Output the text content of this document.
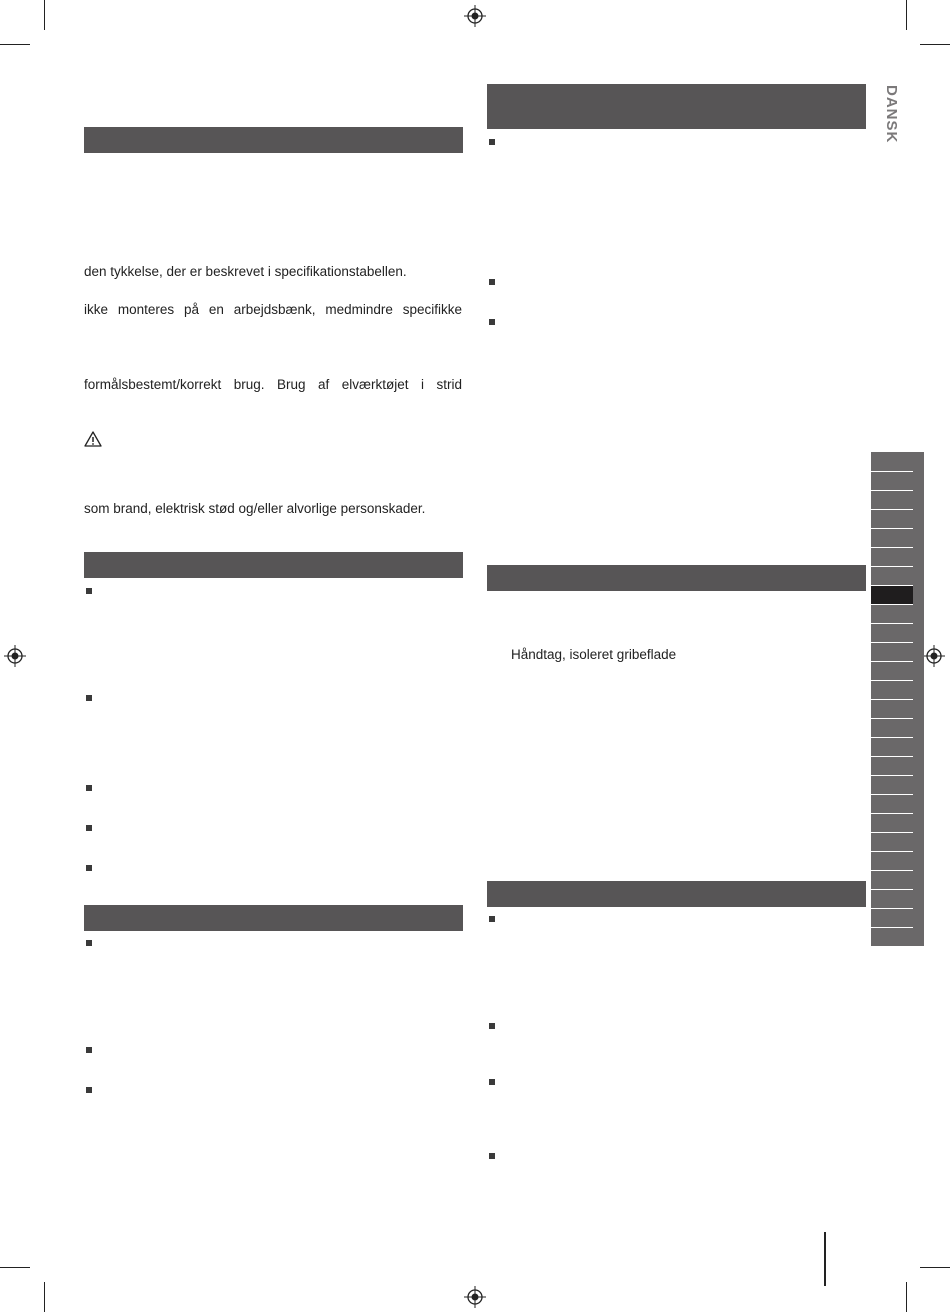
DANSK
den tykkelse, der er beskrevet i specifikationstabellen.
ikke monteres på en arbejdsbænk, medmindre specifikke
formålsbestemt/korrekt brug. Brug af elværktøjet i strid
som brand, elektrisk stød og/eller alvorlige personskader.
Håndtag, isoleret gribeflade
